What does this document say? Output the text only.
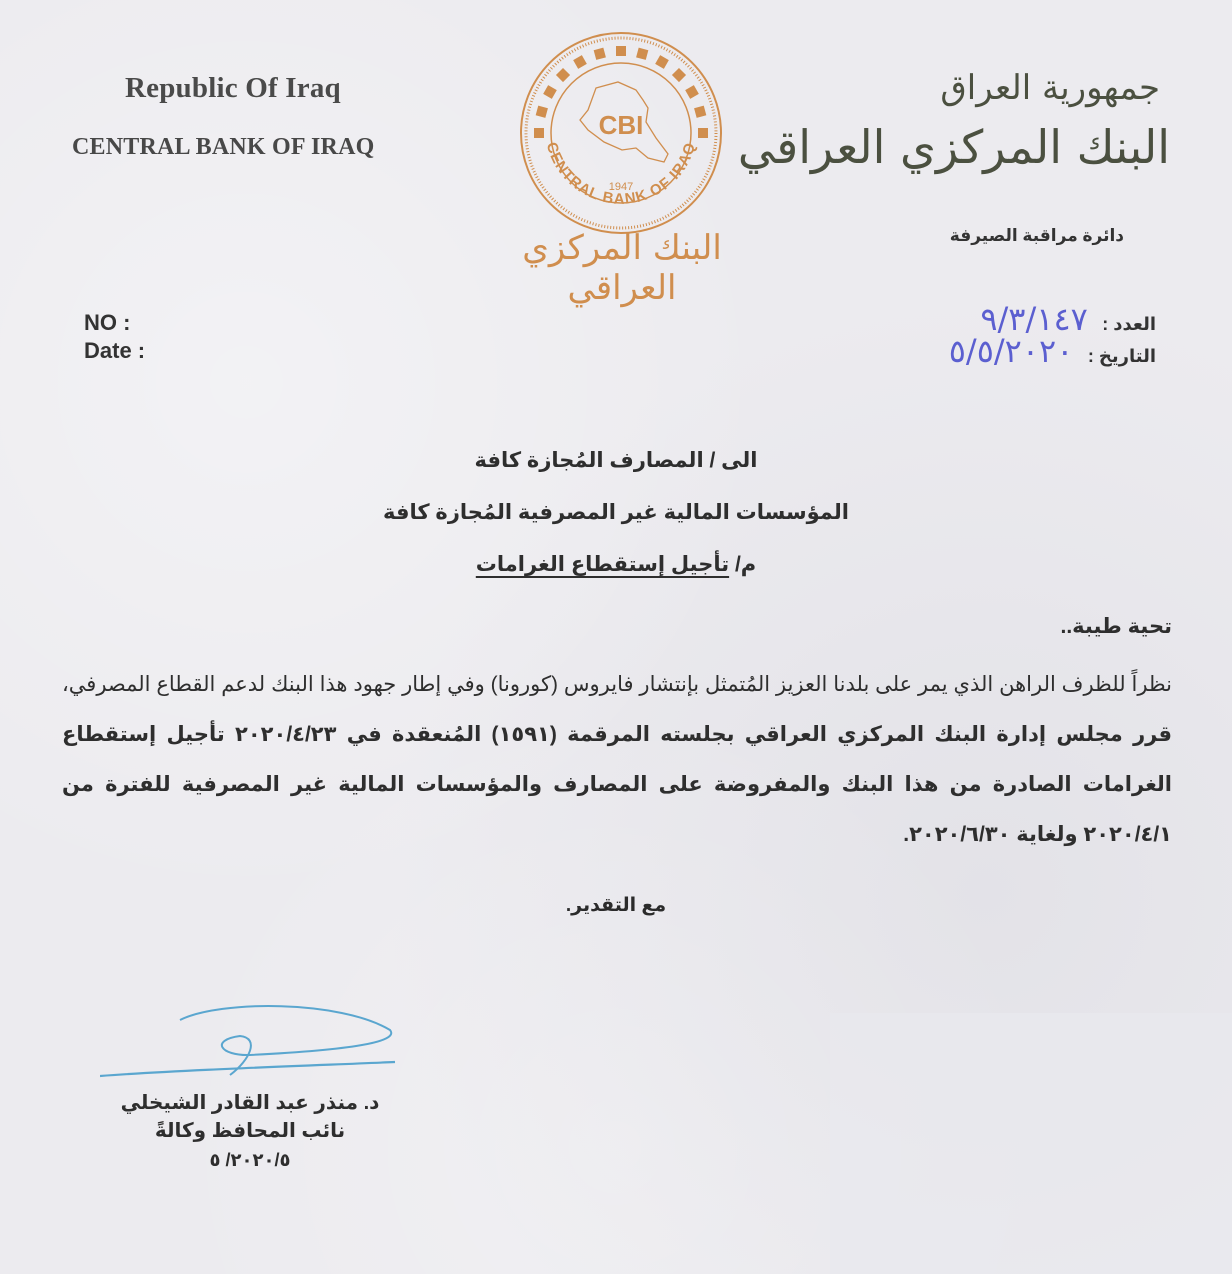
Republic Of Iraq
CENTRAL BANK OF IRAQ
CBI
CENTRAL BANK OF IRAQ
1947
البنك المركزي العراقي
جمهورية العراق
البنك المركزي العراقي
دائرة مراقبة الصيرفة
NO :
Date :
العدد : ٩/٣/١٤٧
التاريخ : ٥/٥/٢٠٢٠
الى / المصارف المُجازة كافة
المؤسسات المالية غير المصرفية المُجازة كافة
م/ تأجيل إستقطاع الغرامات
تحية طيبة..
نظراً للظرف الراهن الذي يمر على بلدنا العزيز المُتمثل بإنتشار فايروس (كورونا) وفي إطار جهود هذا البنك لدعم القطاع المصرفي، قرر مجلس إدارة البنك المركزي العراقي بجلسته المرقمة (١٥٩١) المُنعقدة في ٢٠٢٠/٤/٢٣ تأجيل إستقطاع الغرامات الصادرة من هذا البنك والمفروضة على المصارف والمؤسسات المالية غير المصرفية للفترة من ٢٠٢٠/٤/١ ولغاية ٢٠٢٠/٦/٣٠.
مع التقدير.
د. منذر عبد القادر الشيخلي
نائب المحافظ وكالةً
٢٠٢٠/٥/ ٥
